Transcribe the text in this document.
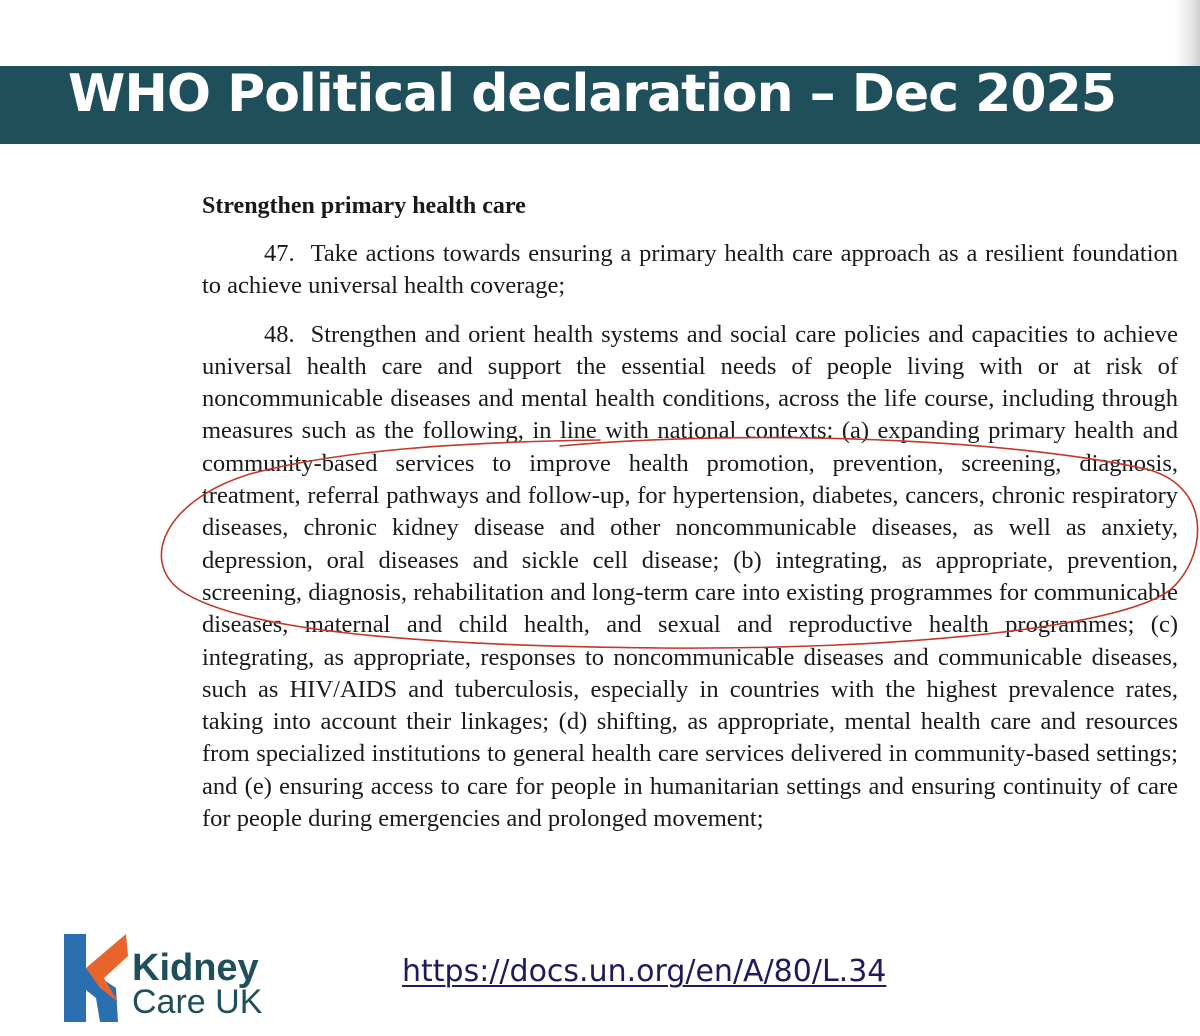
WHO Political declaration – Dec 2025
Strengthen primary health care

47. Take actions towards ensuring a primary health care approach as a resilient foundation to achieve universal health coverage;

48. Strengthen and orient health systems and social care policies and capacities to achieve universal health care and support the essential needs of people living with or at risk of noncommunicable diseases and mental health conditions, across the life course, including through measures such as the following, in line with national contexts: (a) expanding primary health and community-based services to improve health promotion, prevention, screening, diagnosis, treatment, referral pathways and follow-up, for hypertension, diabetes, cancers, chronic respiratory diseases, chronic kidney disease and other noncommunicable diseases, as well as anxiety, depression, oral diseases and sickle cell disease; (b) integrating, as appropriate, prevention, screening, diagnosis, rehabilitation and long-term care into existing programmes for communicable diseases, maternal and child health, and sexual and reproductive health programmes; (c) integrating, as appropriate, responses to noncommunicable diseases and communicable diseases, such as HIV/AIDS and tuberculosis, especially in countries with the highest prevalence rates, taking into account their linkages; (d) shifting, as appropriate, mental health care and resources from specialized institutions to general health care services delivered in community-based settings; and (e) ensuring access to care for people in humanitarian settings and ensuring continuity of care for people during emergencies and prolonged movement;

Kidney
Care UK
https://docs.un.org/en/A/80/L.34
